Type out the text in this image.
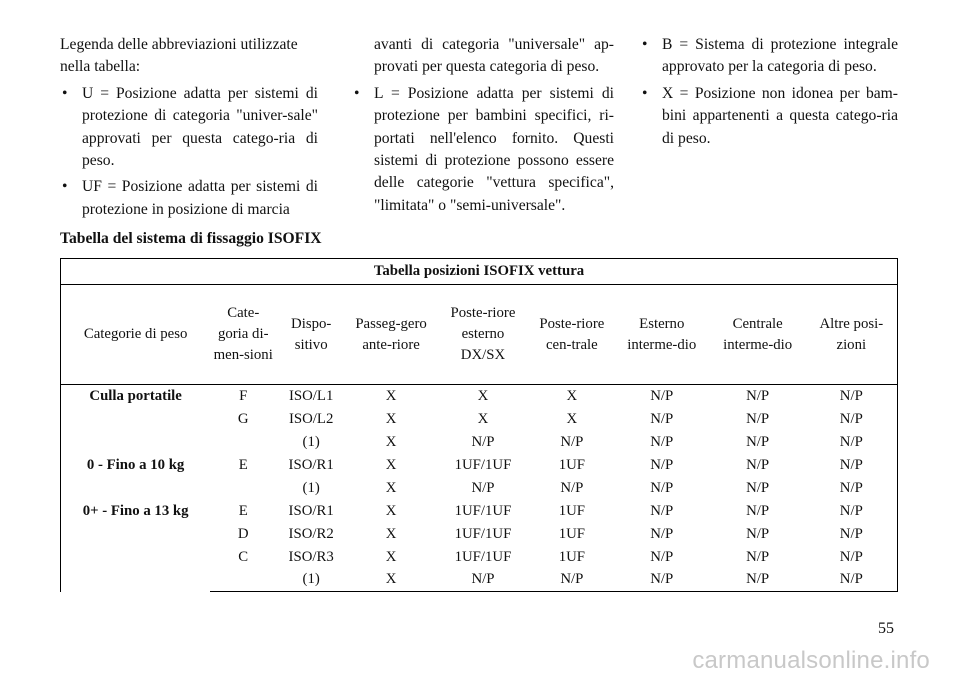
Legenda delle abbreviazioni utilizzate nella tabella:

• U = Posizione adatta per sistemi di protezione di categoria "univer-sale" approvati per questa catego-ria di peso.
• UF = Posizione adatta per sistemi di protezione in posizione di marcia

avanti di categoria "universale" ap-provati per questa categoria di peso.

• L = Posizione adatta per sistemi di protezione per bambini specifici, ri-portati nell'elenco fornito. Questi sistemi di protezione possono essere delle categorie "vettura specifica", "limitata" o "semi-universale".
• B = Sistema di protezione integrale approvato per la categoria di peso.
• X = Posizione non idonea per bam-bini appartenenti a questa catego-ria di peso.
Tabella del sistema di fissaggio ISOFIX
Tabella posizioni ISOFIX vettura								
Categorie di peso	Cate-goria di-men-sioni	Dispo-sitivo	Passeg-gero ante-riore	Poste-riore esterno DX/SX	Poste-riore cen-trale	Esterno interme-dio	Centrale interme-dio	Altre posi-zioni
Culla portatile	F	ISO/L1	X	X	X	N/P	N/P	N/P
	G	ISO/L2	X	X	X	N/P	N/P	N/P
		(1)	X	N/P	N/P	N/P	N/P	N/P
0 - Fino a 10 kg	E	ISO/R1	X	1UF/1UF	1UF	N/P	N/P	N/P
		(1)	X	N/P	N/P	N/P	N/P	N/P
0+ - Fino a 13 kg	E	ISO/R1	X	1UF/1UF	1UF	N/P	N/P	N/P
	D	ISO/R2	X	1UF/1UF	1UF	N/P	N/P	N/P
	C	ISO/R3	X	1UF/1UF	1UF	N/P	N/P	N/P
		(1)	X	N/P	N/P	N/P	N/P	N/P
55
carmanualsonline.info
